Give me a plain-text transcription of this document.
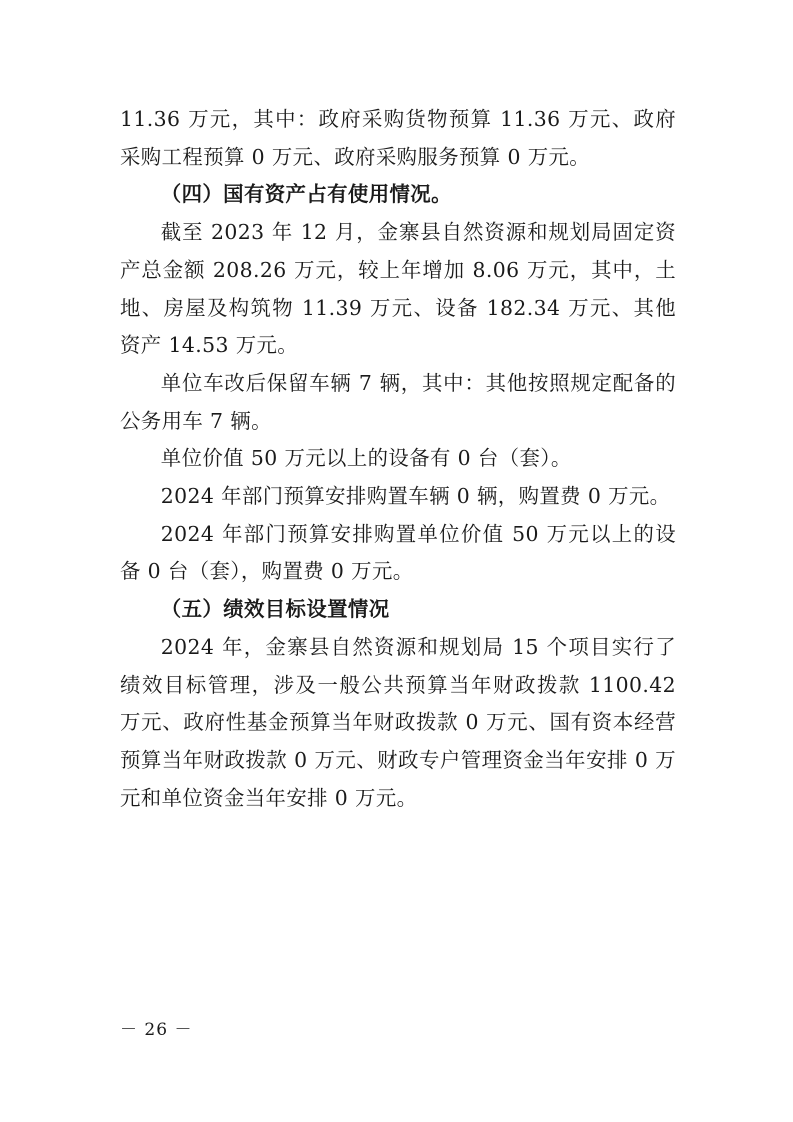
11.36 万元，其中：政府采购货物预算 11.36 万元、政府采购工程预算 0 万元、政府采购服务预算 0 万元。

（四）国有资产占有使用情况。

截至 2023 年 12 月，金寨县自然资源和规划局固定资产总金额 208.26 万元，较上年增加 8.06 万元，其中，土地、房屋及构筑物 11.39 万元、设备 182.34 万元、其他资产 14.53 万元。

单位车改后保留车辆 7 辆，其中：其他按照规定配备的公务用车 7 辆。

单位价值 50 万元以上的设备有 0 台（套）。

2024 年部门预算安排购置车辆 0 辆，购置费 0 万元。

2024 年部门预算安排购置单位价值 50 万元以上的设备 0 台（套），购置费 0 万元。

（五）绩效目标设置情况

2024 年，金寨县自然资源和规划局 15 个项目实行了绩效目标管理，涉及一般公共预算当年财政拨款 1100.42 万元、政府性基金预算当年财政拨款 0 万元、国有资本经营预算当年财政拨款 0 万元、财政专户管理资金当年安排 0 万元和单位资金当年安排 0 万元。

－ 26 －
